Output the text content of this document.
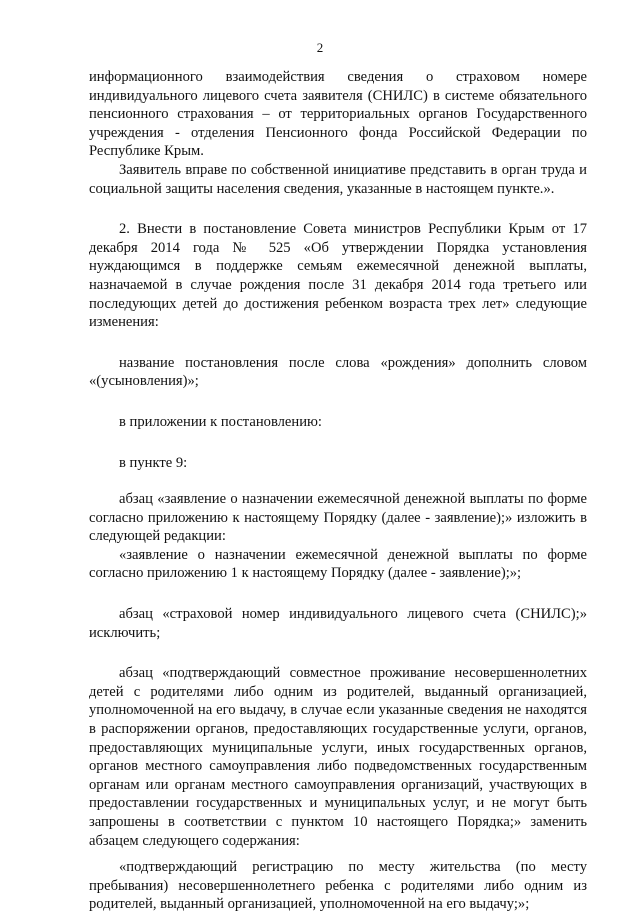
2

информационного взаимодействия сведения о страховом номере индивидуального лицевого счета заявителя (СНИЛС) в системе обязательного пенсионного страхования – от территориальных органов Государственного учреждения - отделения Пенсионного фонда Российской Федерации по Республике Крым.

Заявитель вправе по собственной инициативе представить в орган труда и социальной защиты населения сведения, указанные в настоящем пункте.».

2. Внести в постановление Совета министров Республики Крым от 17 декабря 2014 года № 525 «Об утверждении Порядка установления нуждающимся в поддержке семьям ежемесячной денежной выплаты, назначаемой в случае рождения после 31 декабря 2014 года третьего или последующих детей до достижения ребенком возраста трех лет» следующие изменения:

название постановления после слова «рождения» дополнить словом «(усыновления)»;

в приложении к постановлению:

в пункте 9:

абзац «заявление о назначении ежемесячной денежной выплаты по форме согласно приложению к настоящему Порядку (далее - заявление);» изложить в следующей редакции:

«заявление о назначении ежемесячной денежной выплаты по форме согласно приложению 1 к настоящему Порядку (далее - заявление);»;

абзац «страховой номер индивидуального лицевого счета (СНИЛС);» исключить;

абзац «подтверждающий совместное проживание несовершеннолетних детей с родителями либо одним из родителей, выданный организацией, уполномоченной на его выдачу, в случае если указанные сведения не находятся в распоряжении органов, предоставляющих государственные услуги, органов, предоставляющих муниципальные услуги, иных государственных органов, органов местного самоуправления либо подведомственных государственным органам или органам местного самоуправления организаций, участвующих в предоставлении государственных и муниципальных услуг, и не могут быть запрошены в соответствии с пунктом 10 настоящего Порядка;» заменить абзацем следующего содержания:

«подтверждающий регистрацию по месту жительства (по месту пребывания) несовершеннолетнего ребенка с родителями либо одним из родителей, выданный организацией, уполномоченной на его выдачу;»;
